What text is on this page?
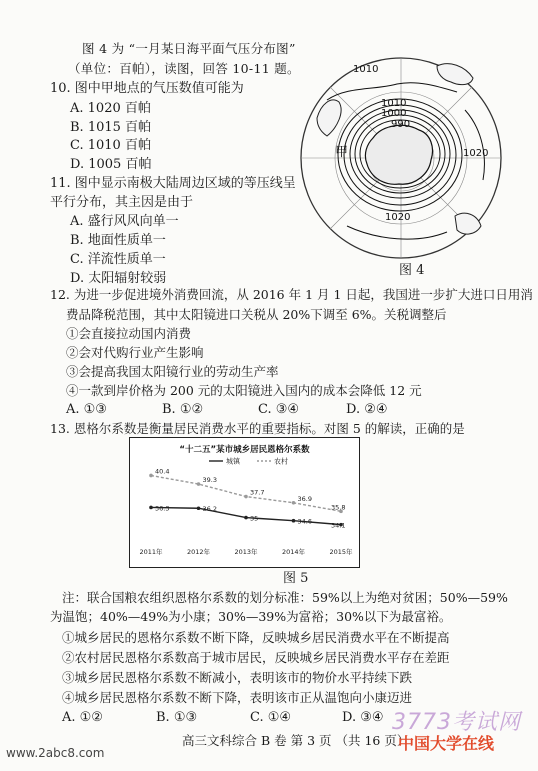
图 4 为 “一月某日海平面气压分布图”
（单位：百帕），读图，回答 10-11 题。
10. 图中甲地点的气压数值可能为
A. 1020 百帕
B. 1015 百帕
C. 1010 百帕
D. 1005 百帕
11. 图中显示南极大陆周边区域的等压线呈
平行分布，其主因是由于
A. 盛行风风向单一
B. 地面性质单一
C. 洋流性质单一
D. 太阳辐射较弱
1010
1010
1000
990
1020
1020
甲
图 4
12. 为进一步促进境外消费回流，从 2016 年 1 月 1 日起，我国进一步扩大进口日用消
费品降税范围，其中太阳镜进口关税从 20%下调至 6%。关税调整后
①会直接拉动国内消费
②会对代购行业产生影响
③会提高我国太阳镜行业的劳动生产率
④一款到岸价格为 200 元的太阳镜进入国内的成本会降低 12 元
A. ①③	B. ①②	C. ③④	D. ②④
13. 恩格尔系数是衡量居民消费水平的重要指标。对图 5 的解读，正确的是
“十二五”某市城乡居民恩格尔系数
城镇	农村
36.3	36.2
35	34.6	34.1
40.4
39.3
37.7
36.9
35.8
2011年	2012年	2013年	2014年	2015年
图 5
注：联合国粮农组织恩格尔系数的划分标准：59%以上为绝对贫困；50%—59%
为温饱；40%—49%为小康；30%—39%为富裕；30%以下为最富裕。
①城乡居民的恩格尔系数不断下降，反映城乡居民消费水平在不断提高
②农村居民恩格尔系数高于城市居民，反映城乡居民消费水平存在差距
③城乡居民恩格尔系数不断减小，表明该市的物价水平持续下跌
④城乡居民恩格尔系数不断下降，表明该市正从温饱向小康迈进
A. ①②	B. ①③	C. ①④	D. ③④
高三文科综合 B 卷 第 3 页 （共 16 页）
www.2abc8.com
3773考试网
中国大学在线
